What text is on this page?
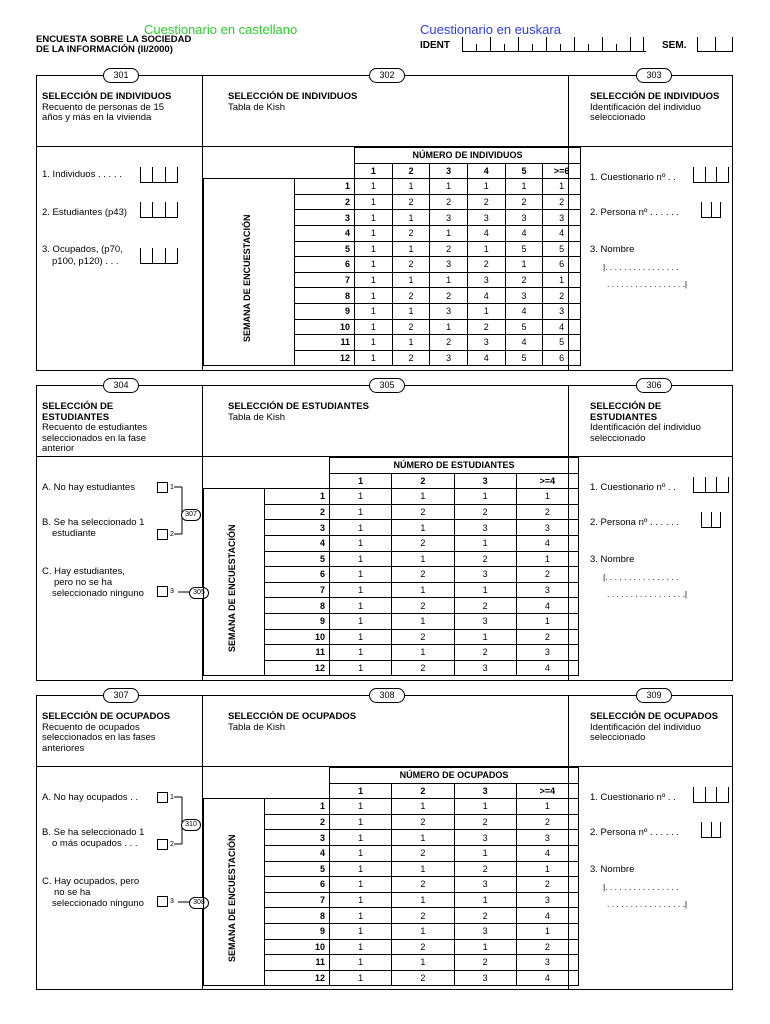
Cuestionario en castellano	Cuestionario en euskara
ENCUESTA SOBRE LA SOCIEDAD
DE LA INFORMACIÓN (II/2000)	IDENT	SEM.
301	302	303
SELECCIÓN DE INDIVIDUOS
Recuento de personas de 15 años y más en la vivienda
SELECCIÓN DE INDIVIDUOS
Tabla de Kish
SELECCIÓN DE INDIVIDUOS
Identificación del individuo seleccionado
1. Individuos . . . . .
2. Estudiantes (p43)
3. Ocupados, (p70,
p100, p120) . . .
		NÚMERO DE INDIVIDUOS					
		1	2	3	4	5	>=6
	1	1	1	1	1	1	1
	2	1	2	2	2	2	2
	3	1	1	3	3	3	3
	4	1	2	1	4	4	4
	5	1	1	2	1	5	5
	6	1	2	3	2	1	6
	7	1	1	1	3	2	1
	8	1	2	2	4	3	2
	9	1	1	3	1	4	3
	10	1	2	1	2	5	4
	11	1	1	2	3	4	5
	12	1	2	3	4	5	6
SEMANA DE ENCUESTACIÓN
1. Cuestionario nº . .
2. Persona nº . . . . . .
3. Nombre
|. . . . . . . . . . . . . . . .
. . . . . . . . . . . . . . . . .|
304	305	306
SELECCIÓN DE ESTUDIANTES
Recuento de estudiantes seleccionados en la fase anterior
SELECCIÓN DE ESTUDIANTES
Tabla de Kish
SELECCIÓN DE ESTUDIANTES
Identificación del individuo seleccionado
A. No hay estudiantes
B. Se ha seleccionado 1
estudiante
C. Hay estudiantes,
pero no se ha
seleccionado ninguno
1
2
3
307
305
		NÚMERO DE ESTUDIANTES			
		1	2	3	>=4
	1	1	1	1	1
	2	1	2	2	2
	3	1	1	3	3
	4	1	2	1	4
	5	1	1	2	1
	6	1	2	3	2
	7	1	1	1	3
	8	1	2	2	4
	9	1	1	3	1
	10	1	2	1	2
	11	1	1	2	3
	12	1	2	3	4
SEMANA DE ENCUESTACIÓN
1. Cuestionario nº . .
2. Persona nº . . . . . .
3. Nombre
|. . . . . . . . . . . . . . . .
. . . . . . . . . . . . . . . . .|
307	308	309
SELECCIÓN DE OCUPADOS
Recuento de ocupados seleccionados en las fases anteriores
SELECCIÓN DE OCUPADOS
Tabla de Kish
SELECCIÓN DE OCUPADOS
Identificación del individuo seleccionado
A. No hay ocupados . .
B. Se ha seleccionado 1
o más ocupados . . .
C. Hay ocupados, pero
no se ha
seleccionado ninguno
1
2
3
310
308
		NÚMERO DE OCUPADOS			
		1	2	3	>=4
	1	1	1	1	1
	2	1	2	2	2
	3	1	1	3	3
	4	1	2	1	4
	5	1	1	2	1
	6	1	2	3	2
	7	1	1	1	3
	8	1	2	2	4
	9	1	1	3	1
	10	1	2	1	2
	11	1	1	2	3
	12	1	2	3	4
SEMANA DE ENCUESTACIÓN
1. Cuestionario nº . .
2. Persona nº . . . . . .
3. Nombre
|. . . . . . . . . . . . . . . .
. . . . . . . . . . . . . . . . .|
